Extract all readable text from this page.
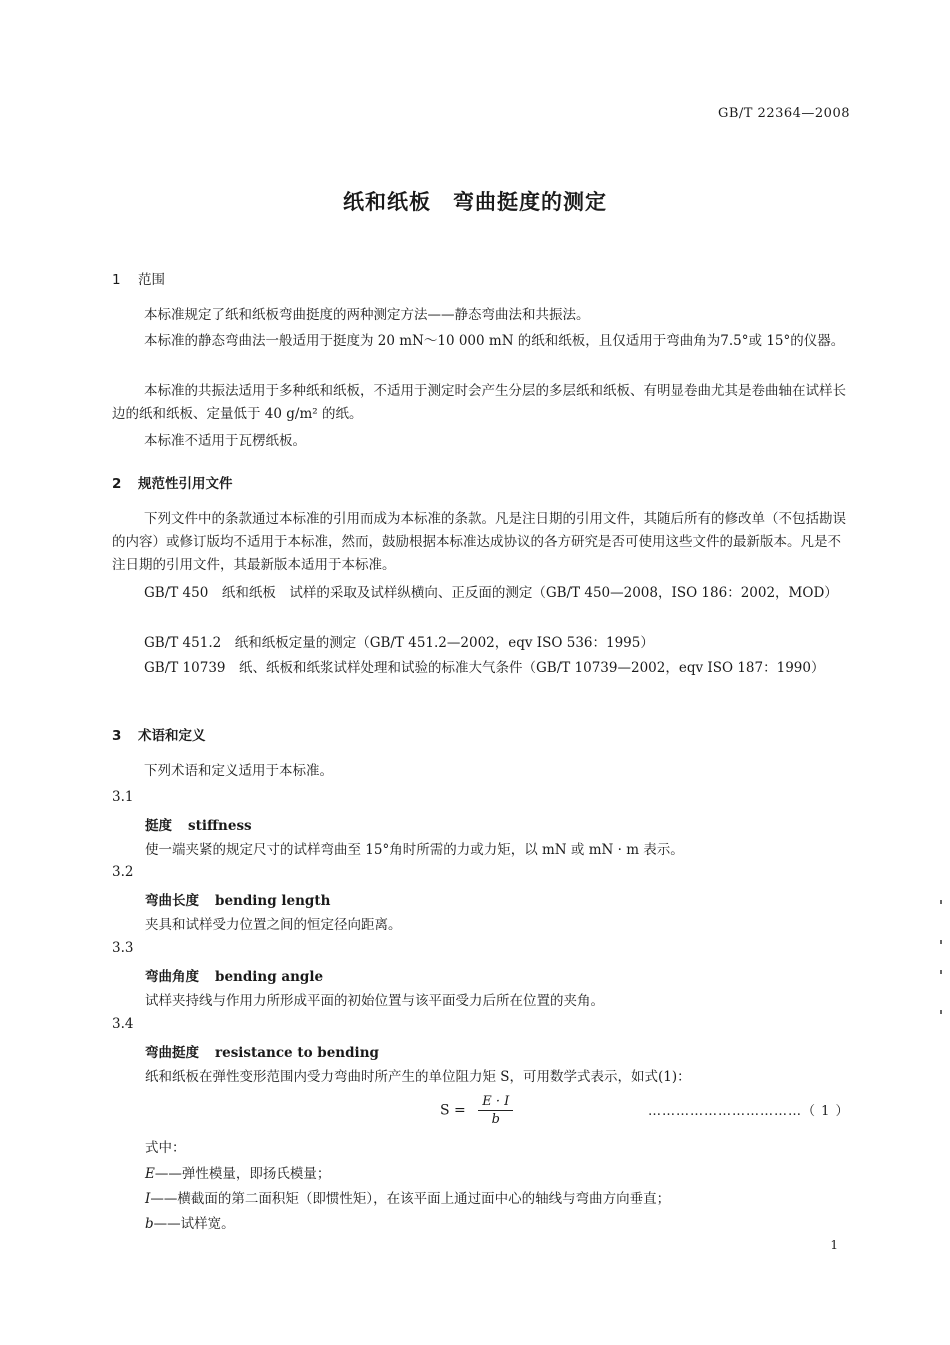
GB/T 22364—2008
纸和纸板　弯曲挺度的测定
1 范围
本标准规定了纸和纸板弯曲挺度的两种测定方法——静态弯曲法和共振法。
本标准的静态弯曲法一般适用于挺度为 20 mN～10 000 mN 的纸和纸板，且仅适用于弯曲角为7.5°或 15°的仪器。
本标准的共振法适用于多种纸和纸板，不适用于测定时会产生分层的多层纸和纸板、有明显卷曲尤其是卷曲轴在试样长边的纸和纸板、定量低于 40 g/m² 的纸。
本标准不适用于瓦楞纸板。
2 规范性引用文件
下列文件中的条款通过本标准的引用而成为本标准的条款。凡是注日期的引用文件，其随后所有的修改单（不包括勘误的内容）或修订版均不适用于本标准，然而，鼓励根据本标准达成协议的各方研究是否可使用这些文件的最新版本。凡是不注日期的引用文件，其最新版本适用于本标准。
GB/T 450　纸和纸板　试样的采取及试样纵横向、正反面的测定（GB/T 450—2008，ISO 186：2002，MOD）
GB/T 451.2　纸和纸板定量的测定（GB/T 451.2—2002，eqv ISO 536：1995）
GB/T 10739　纸、纸板和纸浆试样处理和试验的标准大气条件（GB/T 10739—2002，eqv ISO 187：1990）
3 术语和定义
下列术语和定义适用于本标准。
3.1
挺度 stiffness
使一端夹紧的规定尺寸的试样弯曲至 15°角时所需的力或力矩，以 mN 或 mN · m 表示。
3.2
弯曲长度 bending length
夹具和试样受力位置之间的恒定径向距离。
3.3
弯曲角度 bending angle
试样夹持线与作用力所形成平面的初始位置与该平面受力后所在位置的夹角。
3.4
弯曲挺度 resistance to bending
纸和纸板在弹性变形范围内受力弯曲时所产生的单位阻力矩 S，可用数学式表示，如式(1)：
$S = \frac{E \cdot I}{b}$	……………………………（ 1 ）
式中：
E——弹性模量，即扬氏模量；
I——横截面的第二面积矩（即惯性矩），在该平面上通过面中心的轴线与弯曲方向垂直；
b——试样宽。
1
